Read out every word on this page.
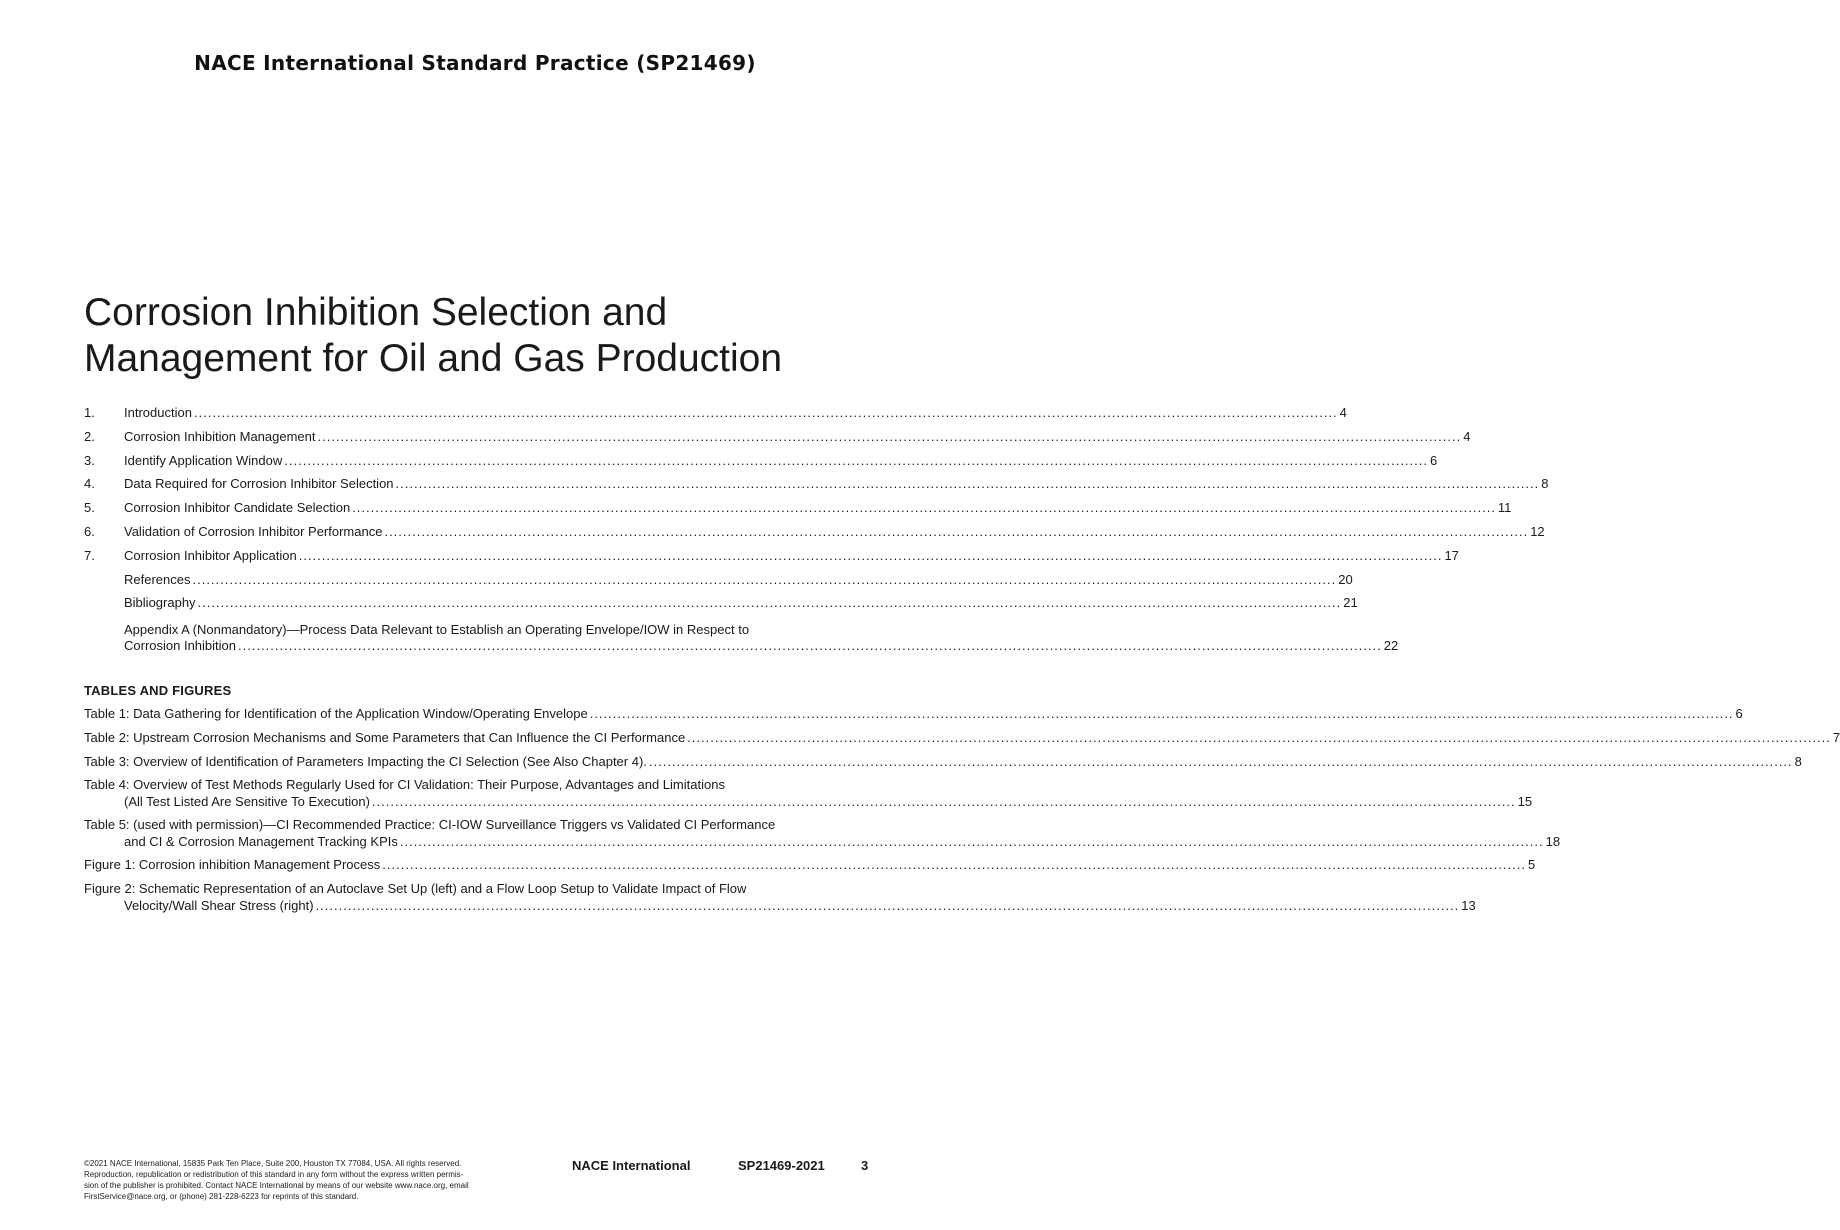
NACE International Standard Practice (SP21469)
Corrosion Inhibition Selection and
Management for Oil and Gas Production
1.	Introduction .....	4
2.	Corrosion Inhibition Management .....	4
3.	Identify Application Window .....	6
4.	Data Required for Corrosion Inhibitor Selection .....	8
5.	Corrosion Inhibitor Candidate Selection .....	11
6.	Validation of Corrosion Inhibitor Performance .....	12
7.	Corrosion Inhibitor Application .....	17
References .....	20
Bibliography .....	21
Appendix A (Nonmandatory)—Process Data Relevant to Establish an Operating Envelope/IOW in Respect to
Corrosion Inhibition .....	22
TABLES AND FIGURES
Table 1: Data Gathering for Identification of the Application Window/Operating Envelope .....	6
Table 2: Upstream Corrosion Mechanisms and Some Parameters that Can Influence the CI Performance .....	7
Table 3: Overview of Identification of Parameters Impacting the CI Selection (See Also Chapter 4). .....	8
Table 4: Overview of Test Methods Regularly Used for CI Validation: Their Purpose, Advantages and Limitations
(All Test Listed Are Sensitive To Execution) .....	15
Table 5: (used with permission)—CI Recommended Practice: CI-IOW Surveillance Triggers vs Validated CI Performance
and CI & Corrosion Management Tracking KPIs .....	18
Figure 1: Corrosion inhibition Management Process .....	5
Figure 2: Schematic Representation of an Autoclave Set Up (left) and a Flow Loop Setup to Validate Impact of Flow
Velocity/Wall Shear Stress (right) .....	13
©2021 NACE International, 15835 Park Ten Place, Suite 200, Houston TX 77084, USA. All rights reserved.
Reproduction, republication or redistribution of this standard in any form without the express written permis-
sion of the publisher is prohibited. Contact NACE International by means of our website www.nace.org, email
FirstService@nace.org, or (phone) 281-228-6223 for reprints of this standard.
NACE International	SP21469-2021	3
